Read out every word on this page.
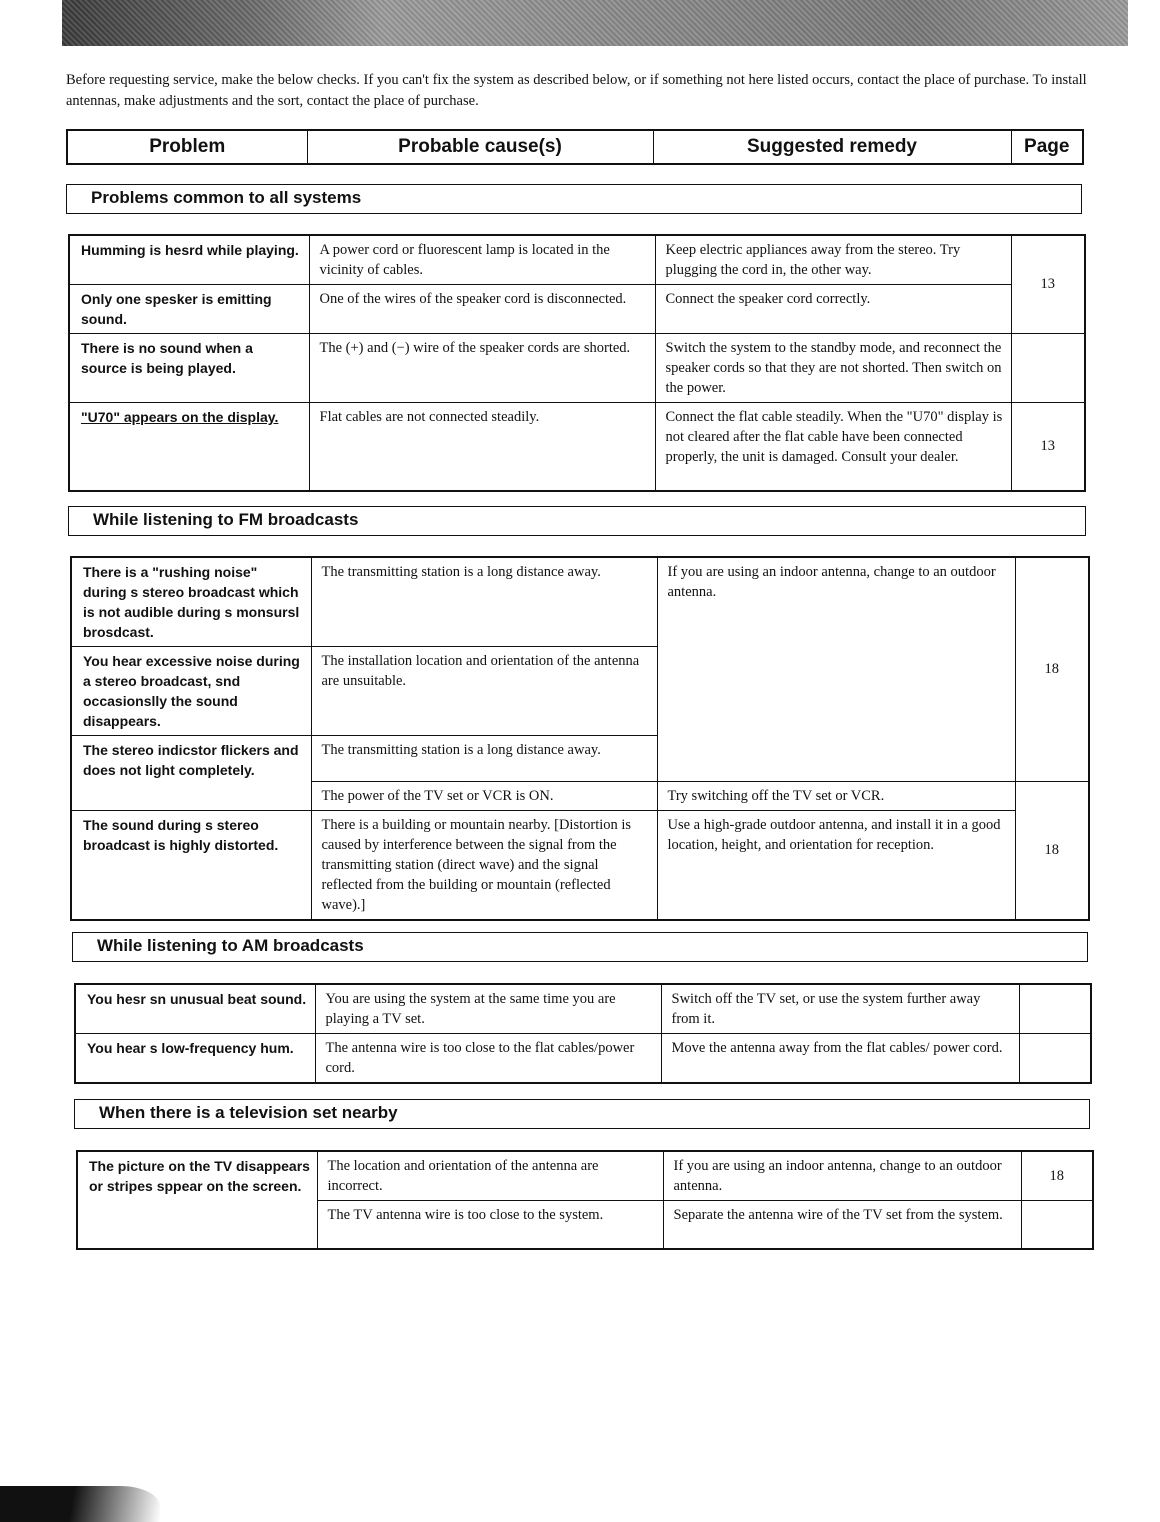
Before requesting service, make the below checks. If you can't fix the system as described below, or if something not here listed occurs, contact the place of purchase. To install antennas, make adjustments and the sort, contact the place of purchase.
Problem	Probable cause(s)	Suggested remedy	Page
Problems common to all systems
Humming is hesrd while playing.	A power cord or fluorescent lamp is located in the vicinity of cables.	Keep electric appliances away from the stereo. Try plugging the cord in, the other way.	13
Only one spesker is emitting sound.	One of the wires of the speaker cord is disconnected.	Connect the speaker cord correctly.	
There is no sound when a source is being played.	The (+) and (−) wire of the speaker cords are shorted.	Switch the system to the standby mode, and reconnect the speaker cords so that they are not shorted. Then switch on the power.	
"U70" appears on the display.	Flat cables are not connected steadily.	Connect the flat cable steadily. When the "U70" display is not cleared after the flat cable have been connected properly, the unit is damaged. Consult your dealer.	13
While listening to FM broadcasts
There is a "rushing noise" during s stereo broadcast which is not audible during s monsursl brosdcast.	The transmitting station is a long distance away.	If you are using an indoor antenna, change to an outdoor antenna.	18
You hear excessive noise during a stereo broadcast, snd occasionslly the sound disappears.	The installation location and orientation of the antenna are unsuitable.		
The stereo indicstor flickers and does not light completely.	The transmitting station is a long distance away.		
	The power of the TV set or VCR is ON.	Try switching off the TV set or VCR.	18
The sound during s stereo broadcast is highly distorted.	There is a building or mountain nearby. [Distortion is caused by interference between the signal from the transmitting station (direct wave) and the signal reflected from the building or mountain (reflected wave).]	Use a high-grade outdoor antenna, and install it in a good location, height, and orientation for reception.	
While listening to AM broadcasts
You hesr sn unusual beat sound.	You are using the system at the same time you are playing a TV set.	Switch off the TV set, or use the system further away from it.	
You hear s low-frequency hum.	The antenna wire is too close to the flat cables/power cord.	Move the antenna away from the flat cables/ power cord.	
When there is a television set nearby
The picture on the TV disappears or stripes sppear on the screen.	The location and orientation of the antenna are incorrect.	If you are using an indoor antenna, change to an outdoor antenna.	18
	The TV antenna wire is too close to the system.	Separate the antenna wire of the TV set from the system.	
